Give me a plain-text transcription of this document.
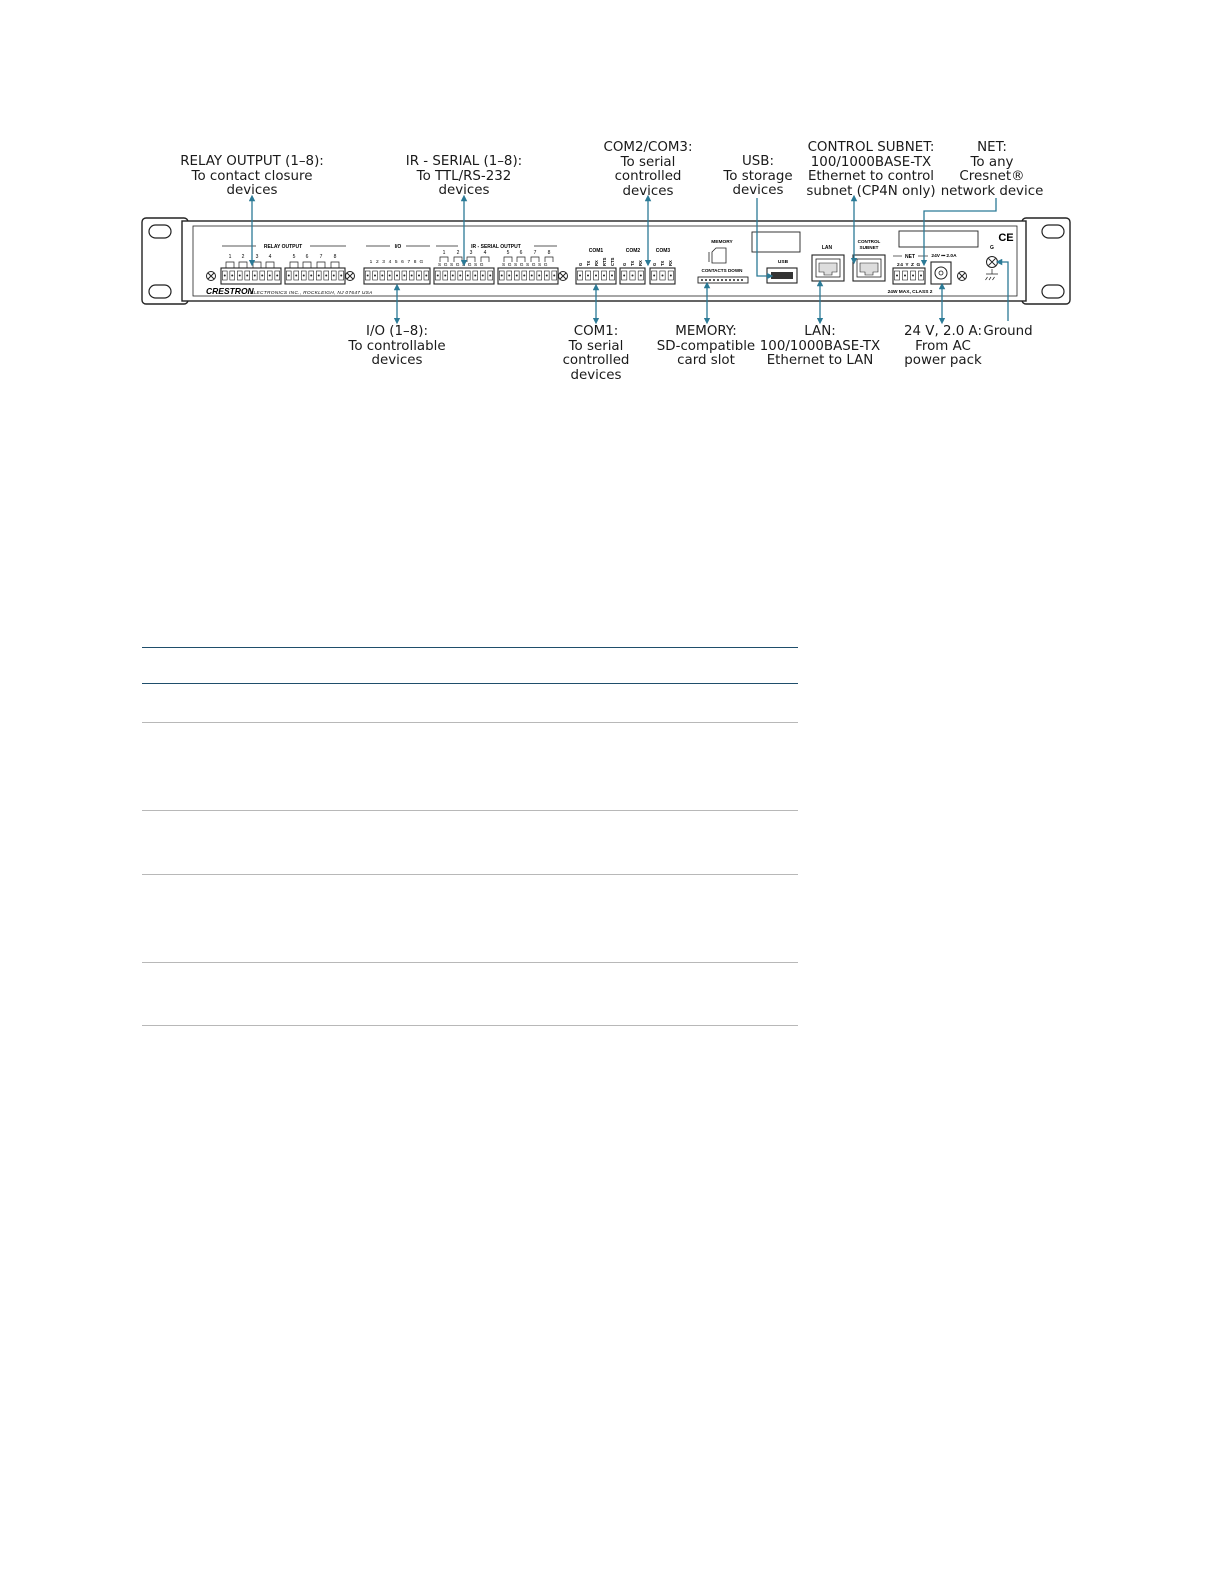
RELAY OUTPUT (1–8):
To contact closure
devices
IR - SERIAL (1–8):
To TTL/RS-232
devices
COM2/COM3:
To serial
controlled
devices
USB:
To storage
devices
CONTROL SUBNET:
100/1000BASE-TX
Ethernet to control
subnet (CP4N only)
NET:
To any
Cresnet®
network device
I/O (1–8):
To controllable
devices
COM1:
To serial
controlled
devices
MEMORY:
SD-compatible
card slot
LAN:
100/1000BASE-TX
Ethernet to LAN
24 V, 2.0 A:
From AC
power pack
Ground
RELAY OUTPUT	I/O	IR - SERIAL OUTPUT
1 2 3 4	5 6 7 8
1 2 3 4 5 6 7 8 G
1 2 3 4	5 6 7 8
S G S G S G S G	S G S G S G S G
COM1	COM2	COM3
G TX RX RTS CTS G TX RX G TX RX
MEMORY
CONTACTS DOWN
USB
LAN
CONTROL
SUBNET
NET
24 Y Z G
24V ⎓ 2.0A
G
CE
CRESTRON
ELECTRONICS INC., ROCKLEIGH, NJ 07647 USA	24W MAX, CLASS 2
